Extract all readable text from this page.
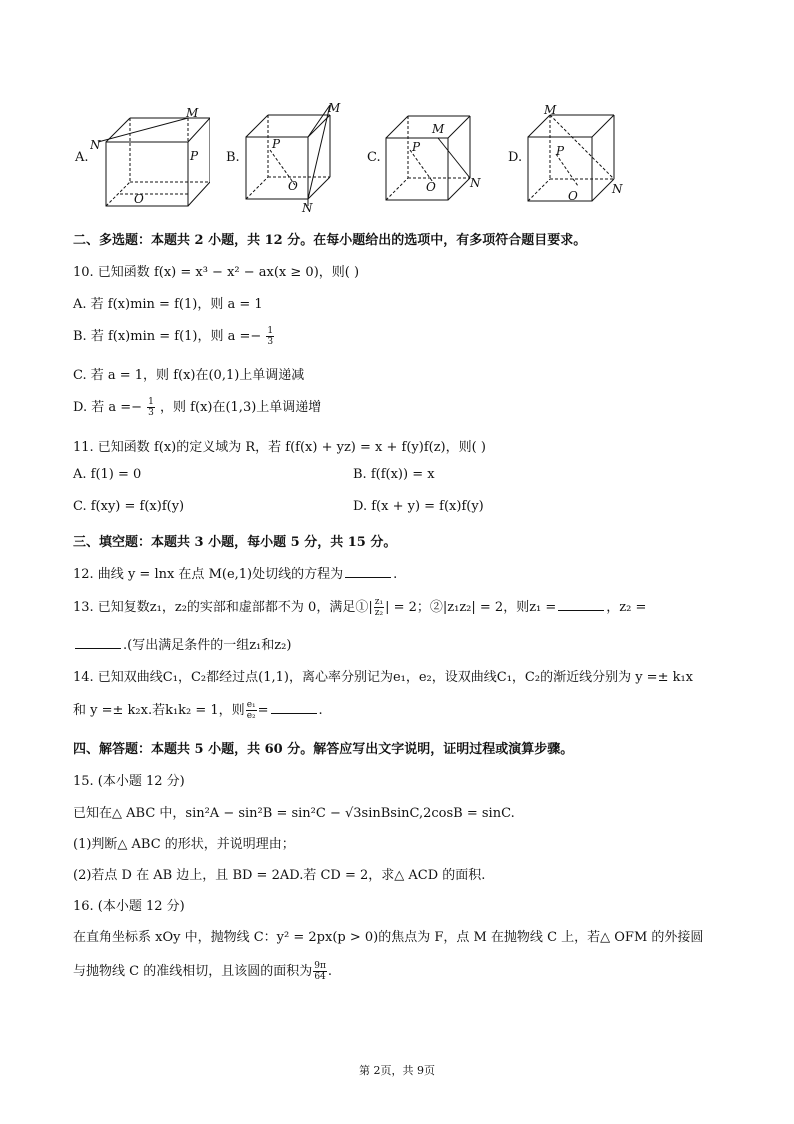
A.
M
N
P
O
B.
M
N
P
O
C.
M
N
P
O
D.
M
N
P
O
二、多选题：本题共 2 小题，共 12 分。在每小题给出的选项中，有多项符合题目要求。
10. 已知函数 f(x) = x³ − x² − ax(x ≥ 0)，则( )
A. 若 f(x)min = f(1)，则 a = 1
B. 若 f(x)min = f(1)，则 $a =- \frac{1}{3}$
C. 若 a = 1，则 f(x)在(0,1)上单调递减
D. 若 $a =- \frac{1}{3}$ ，则 f(x)在(1,3)上单调递增
11. 已知函数 f(x)的定义域为 R，若 f(f(x) + yz) = x + f(y)f(z)，则( )
A. f(1) = 0	B. f(f(x)) = x
C. f(xy) = f(x)f(y)	D. f(x + y) = f(x)f(y)
三、填空题：本题共 3 小题，每小题 5 分，共 15 分。
12. 曲线 y = lnx 在点 M(e,1)处切线的方程为	.
13. 已知复数z₁，z₂的实部和虚部都不为 0，满足①| $\frac{\text{z₁}}{\text{z₂}}$ | = 2；②|z₁z₂| = 2，则z₁ =	，z₂ =
.(写出满足条件的一组z₁和z₂)
14. 已知双曲线C₁，C₂都经过点(1,1)，离心率分别记为e₁，e₂，设双曲线C₁，C₂的渐近线分别为 y =± k₁x
和 y =± k₂x.若k₁k₂ = 1，则 $\frac{\text{e₁}}{\text{e₂}}$ =	.
四、解答题：本题共 5 小题，共 60 分。解答应写出文字说明，证明过程或演算步骤。
15. (本小题 12 分)
已知在△ ABC 中，sin²A − sin²B = sin²C − √3sinBsinC,2cosB = sinC.
(1)判断△ ABC 的形状，并说明理由；
(2)若点 D 在 AB 边上，且 BD = 2AD.若 CD = 2，求△ ACD 的面积.
16. (本小题 12 分)
在直角坐标系 xOy 中，抛物线 C：y² = 2px(p > 0)的焦点为 F，点 M 在抛物线 C 上，若△ OFM 的外接圆
与抛物线 C 的准线相切，且该圆的面积为 $\frac{9\pi}{64}$ .
第 2页，共 9页
